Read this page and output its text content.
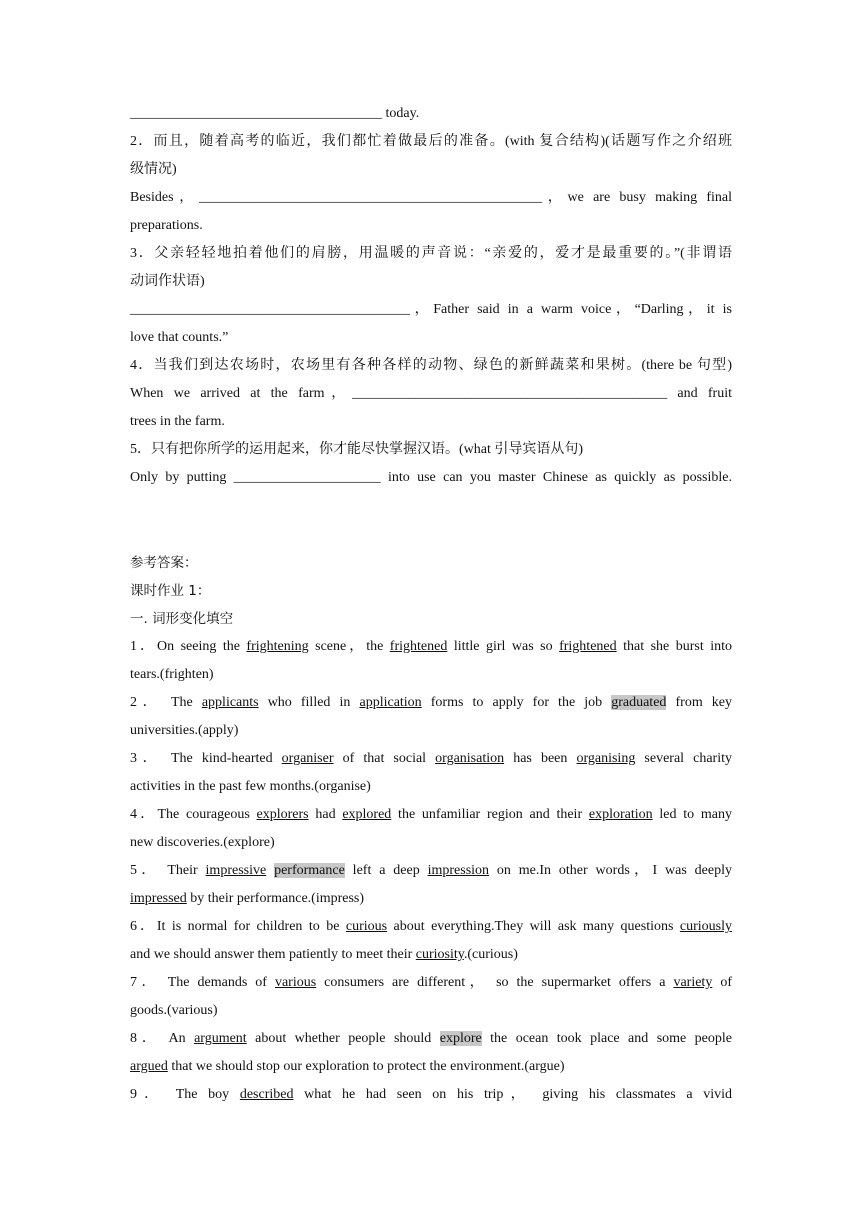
____________________________________ today.
2．而且，随着高考的临近，我们都忙着做最后的准备。(with 复合结构)(话题写作之介绍班
级情况)
Besides，_________________________________________________，we are busy making final
preparations.
3．父亲轻轻地拍着他们的肩膀，用温暖的声音说：“亲爱的，爱才是最重要的。”(非谓语
动词作状语)
________________________________________，Father said in a warm voice，“Darling，it is
love that counts.”
4．当我们到达农场时，农场里有各种各样的动物、绿色的新鲜蔬菜和果树。(there be 句型)
When we arrived at the farm，_____________________________________________ and fruit
trees in the farm.
5．只有把你所学的运用起来，你才能尽快掌握汉语。(what 引导宾语从句)
Only by putting _____________________ into use can you master Chinese as quickly as possible.
参考答案：
课时作业 1：
一. 词形变化填空
1．On seeing the frightening scene，the frightened little girl was so frightened that she burst into
tears.(frighten)
2． The applicants who filled in application forms to apply for the job graduated from key
universities.(apply)
3． The kind-hearted organiser of that social organisation has been organising several charity
activities in the past few months.(organise)
4．The courageous explorers had explored the unfamiliar region and their exploration led to many
new discoveries.(explore)
5． Their impressive performance left a deep impression on me.In other words，I was deeply
impressed by their performance.(impress)
6．It is normal for children to be curious about everything.They will ask many questions curiously
and we should answer them patiently to meet their curiosity.(curious)
7． The demands of various consumers are different， so the supermarket offers a variety of
goods.(various)
8． An argument about whether people should explore the ocean took place and some people
argued that we should stop our exploration to protect the environment.(argue)
9． The boy described what he had seen on his trip， giving his classmates a vivid
